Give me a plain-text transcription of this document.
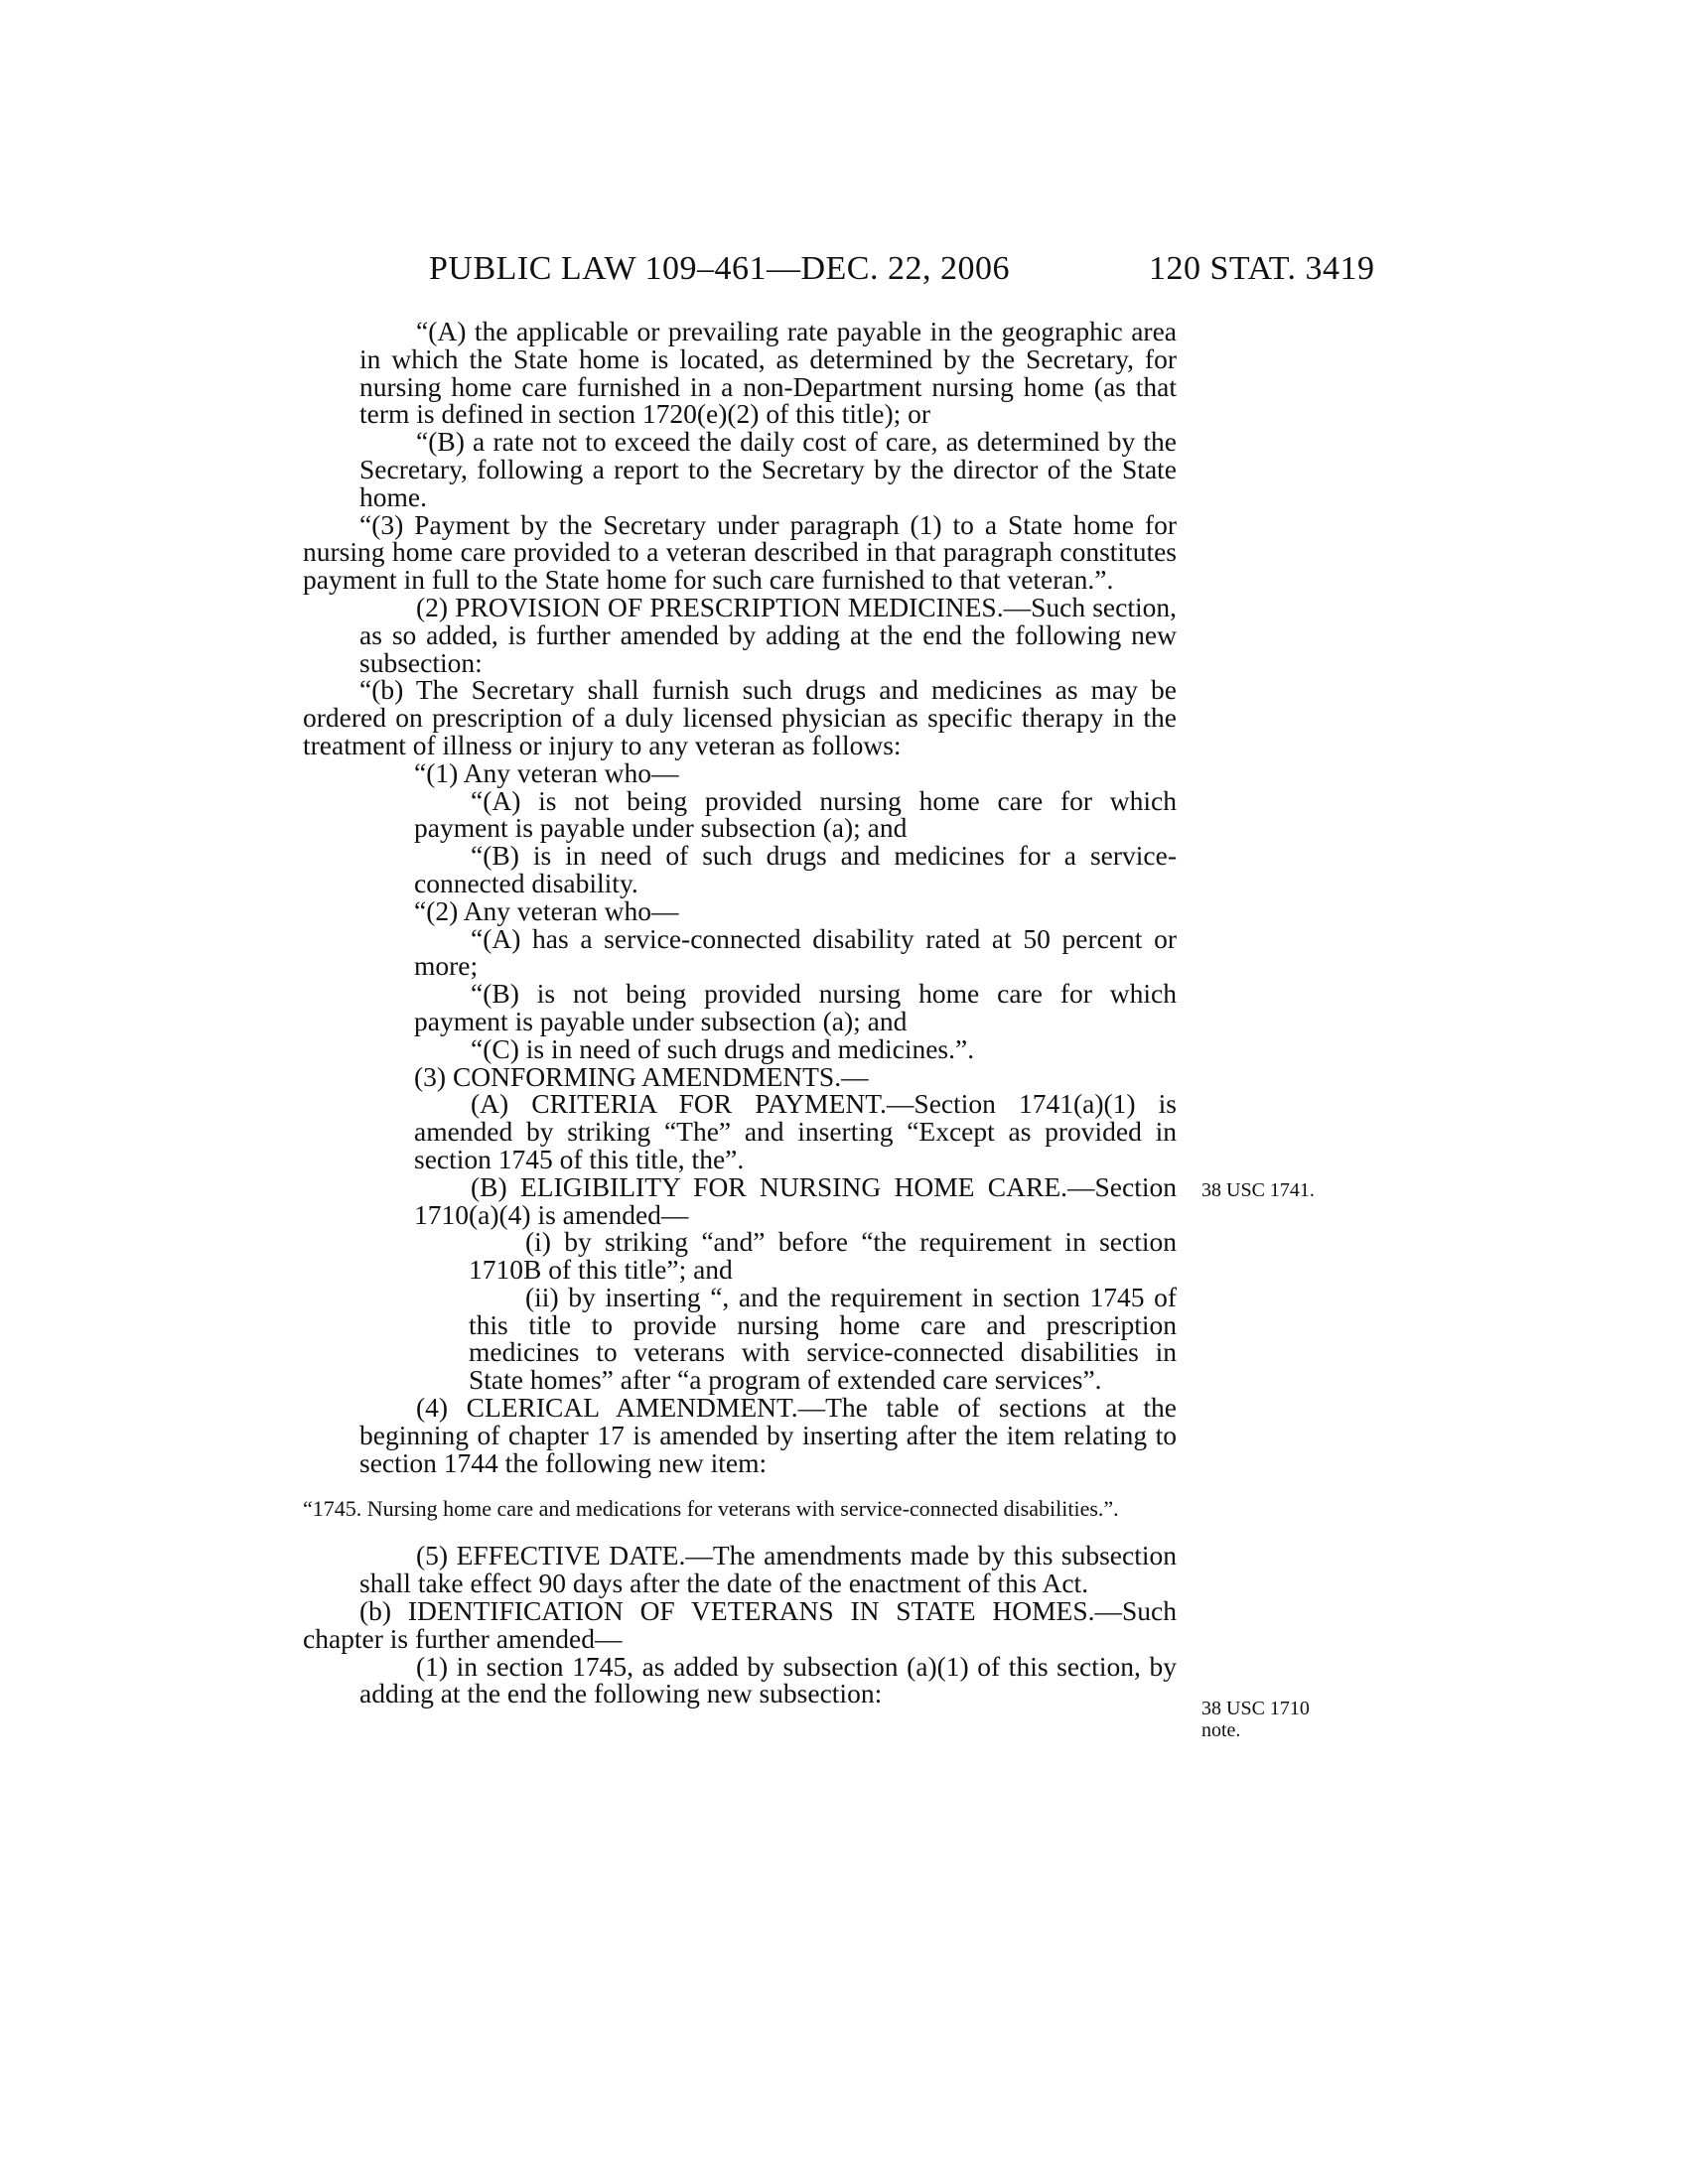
PUBLIC LAW 109–461—DEC. 22, 2006	120 STAT. 3419

“(A) the applicable or prevailing rate payable in the geographic area in which the State home is located, as determined by the Secretary, for nursing home care furnished in a non-Department nursing home (as that term is defined in section 1720(e)(2) of this title); or

“(B) a rate not to exceed the daily cost of care, as determined by the Secretary, following a report to the Secretary by the director of the State home.

“(3) Payment by the Secretary under paragraph (1) to a State home for nursing home care provided to a veteran described in that paragraph constitutes payment in full to the State home for such care furnished to that veteran.”.

(2) PROVISION OF PRESCRIPTION MEDICINES.—Such section, as so added, is further amended by adding at the end the following new subsection:

“(b) The Secretary shall furnish such drugs and medicines as may be ordered on prescription of a duly licensed physician as specific therapy in the treatment of illness or injury to any veteran as follows:

“(1) Any veteran who—

“(A) is not being provided nursing home care for which payment is payable under subsection (a); and

“(B) is in need of such drugs and medicines for a service-connected disability.

“(2) Any veteran who—

“(A) has a service-connected disability rated at 50 percent or more;

“(B) is not being provided nursing home care for which payment is payable under subsection (a); and

“(C) is in need of such drugs and medicines.”.

(3) CONFORMING AMENDMENTS.—

(A) CRITERIA FOR PAYMENT.—Section 1741(a)(1) is amended by striking “The” and inserting “Except as provided in section 1745 of this title, the”.

(B) ELIGIBILITY FOR NURSING HOME CARE.—Section 1710(a)(4) is amended—

(i) by striking “and” before “the requirement in section 1710B of this title”; and

(ii) by inserting “, and the requirement in section 1745 of this title to provide nursing home care and prescription medicines to veterans with service-connected disabilities in State homes” after “a program of extended care services”.

(4) CLERICAL AMENDMENT.—The table of sections at the beginning of chapter 17 is amended by inserting after the item relating to section 1744 the following new item:

“1745. Nursing home care and medications for veterans with service-connected disabilities.”.

(5) EFFECTIVE DATE.—The amendments made by this subsection shall take effect 90 days after the date of the enactment of this Act.

(b) IDENTIFICATION OF VETERANS IN STATE HOMES.—Such chapter is further amended—

(1) in section 1745, as added by subsection (a)(1) of this section, by adding at the end the following new subsection:

38 USC 1741.
38 USC 1710 note.
